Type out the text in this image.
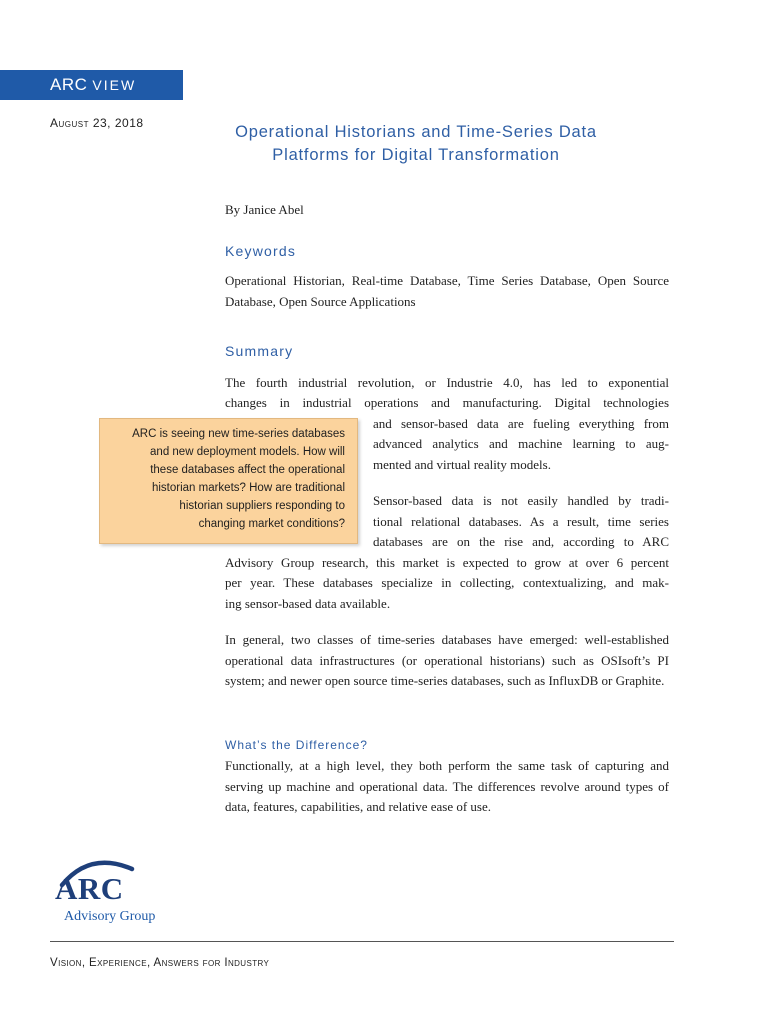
ARC VIEW
August 23, 2018	Operational Historians and Time-Series Data
Platforms for Digital Transformation

By Janice Abel

Keywords

Operational Historian, Real-time Database, Time Series Database, Open Source Database, Open Source Applications

Summary
The fourth industrial revolution, or Industrie 4.0, has led to exponential
changes in industrial operations and manufacturing. Digital technologies
and sensor-based data are fueling everything from
advanced analytics and machine learning to aug-
mented and virtual reality models.
Sensor-based data is not easily handled by tradi-
tional relational databases. As a result, time series
databases are on the rise and, according to ARC
Advisory Group research, this market is expected to grow at over 6 percent
per year. These databases specialize in collecting, contextualizing, and mak-
ing sensor-based data available.

In general, two classes of time-series databases have emerged: well-established operational data infrastructures (or operational historians) such as OSIsoft’s PI system; and newer open source time-series databases, such as InfluxDB or Graphite.

ARC is seeing new time-series databases
and new deployment models. How will
these databases affect the operational
historian markets? How are traditional
historian suppliers responding to
changing market conditions?
What’s the Difference?

Functionally, at a high level, they both perform the same task of capturing and serving up machine and operational data. The differences revolve around types of data, features, capabilities, and relative ease of use.

ARC
Advisory Group
Vision, Experience, Answers for Industry
